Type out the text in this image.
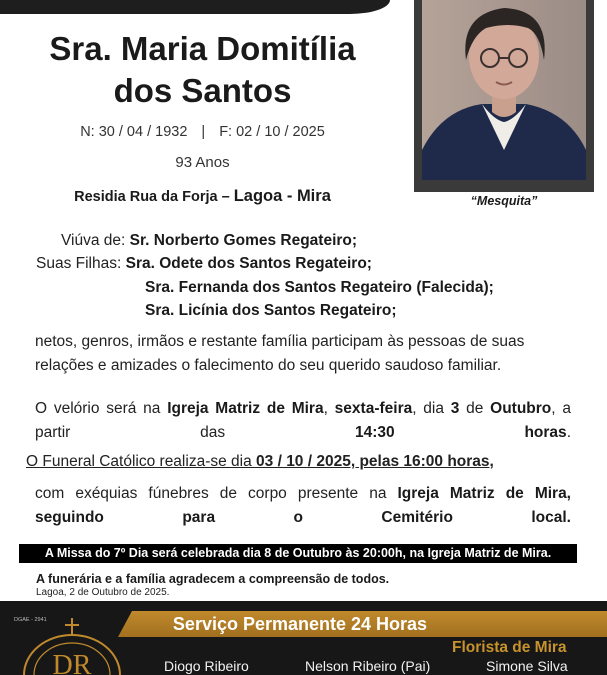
Sra. Maria Domitília
dos Santos
N: 30 / 04 / 1932 | F: 02 / 10 / 2025
93 Anos
Residia Rua da Forja – Lagoa - Mira	“Mesquita”
Viúva de: Sr. Norberto Gomes Regateiro;
Suas Filhas: Sra. Odete dos Santos Regateiro;
Sra. Fernanda dos Santos Regateiro (Falecida);
Sra. Licínia dos Santos Regateiro;
netos, genros, irmãos e restante família participam às pessoas de suas relações e amizades o falecimento do seu querido saudoso familiar.
O velório será na Igreja Matriz de Mira, sexta-feira, dia 3 de Outubro, a partir das 14:30 horas.
O Funeral Católico realiza-se dia 03 / 10 / 2025, pelas 16:00 horas,
com exéquias fúnebres de corpo presente na Igreja Matriz de Mira, seguindo para o Cemitério local.
A Missa do 7º Dia será celebrada dia 8 de Outubro às 20:00h, na Igreja Matriz de Mira.
A funerária e a família agradecem a compreensão de todos.
Lagoa, 2 de Outubro de 2025.
Serviço Permanente 24 Horas
DGAE - 2941
DR
Florista de Mira
Diogo Ribeiro	Nelson Ribeiro (Pai)	Simone Silva
